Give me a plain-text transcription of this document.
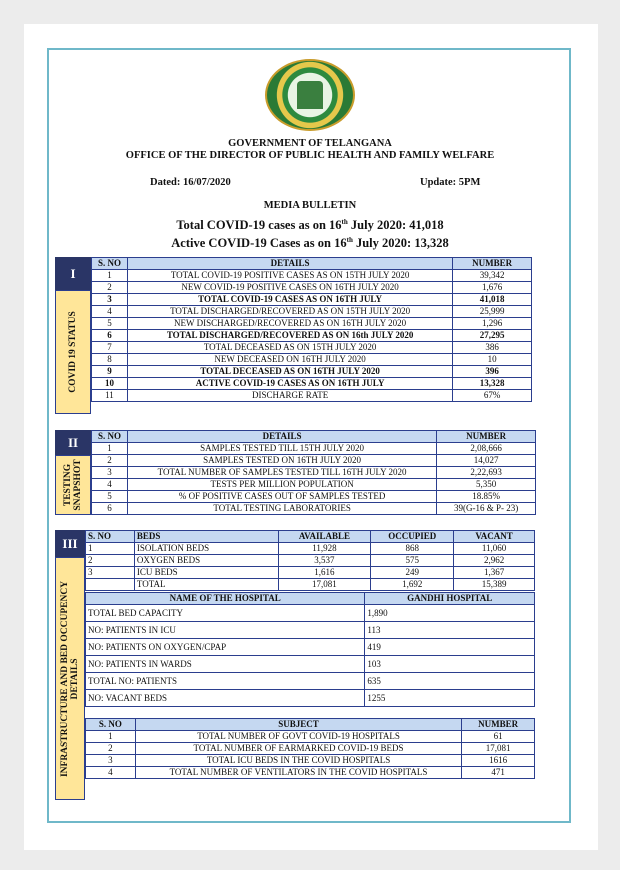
GOVERNMENT OF TELANGANA
OFFICE OF THE DIRECTOR OF PUBLIC HEALTH AND FAMILY WELFARE
Dated: 16/07/2020	Update: 5PM
MEDIA BULLETIN
Total COVID-19 cases as on 16th July 2020: 41,018
Active COVID-19 Cases as on 16th July 2020: 13,328
I
COVID 19 STATUS
S. NO	DETAILS	NUMBER
1	TOTAL COVID-19 POSITIVE CASES AS ON 15TH JULY 2020	39,342
2	NEW COVID-19 POSITIVE CASES ON 16TH JULY 2020	1,676
3	TOTAL COVID-19 CASES AS ON 16TH JULY	41,018
4	TOTAL DISCHARGED/RECOVERED AS ON 15TH JULY 2020	25,999
5	NEW DISCHARGED/RECOVERED AS ON 16TH JULY 2020	1,296
6	TOTAL DISCHARGED/RECOVERED AS ON 16th JULY 2020	27,295
7	TOTAL DECEASED AS ON 15TH JULY 2020	386
8	NEW DECEASED ON 16TH JULY 2020	10
9	TOTAL DECEASED AS ON 16TH JULY 2020	396
10	ACTIVE COVID-19 CASES AS ON 16TH JULY	13,328
11	DISCHARGE RATE	67%
II
TESTING SNAPSHOT
S. NO	DETAILS	NUMBER
1	SAMPLES TESTED TILL 15TH JULY 2020	2,08,666
2	SAMPLES TESTED ON 16TH JULY 2020	14,027
3	TOTAL NUMBER OF SAMPLES TESTED TILL 16TH JULY 2020	2,22,693
4	TESTS PER MILLION POPULATION	5,350
5	% OF POSITIVE CASES OUT OF SAMPLES TESTED	18.85%
6	TOTAL TESTING LABORATORIES	39(G-16 & P- 23)
III
INFRASTRUCTURE AND BED OCCUPENCY DETAILS
S. NO	BEDS	AVAILABLE	OCCUPIED	VACANT
1	ISOLATION BEDS	11,928	868	11,060
2	OXYGEN BEDS	3,537	575	2,962
3	ICU BEDS	1,616	249	1,367
	TOTAL	17,081	1,692	15,389
NAME OF THE HOSPITAL	GANDHI HOSPITAL
TOTAL BED CAPACITY	1,890
NO: PATIENTS IN ICU	113
NO: PATIENTS ON OXYGEN/CPAP	419
NO: PATIENTS IN WARDS	103
TOTAL NO: PATIENTS	635
NO: VACANT BEDS	1255
S. NO	SUBJECT	NUMBER
1	TOTAL NUMBER OF GOVT COVID-19 HOSPITALS	61
2	TOTAL NUMBER OF EARMARKED COVID-19 BEDS	17,081
3	TOTAL ICU BEDS IN THE COVID HOSPITALS	1616
4	TOTAL NUMBER OF VENTILATORS IN THE COVID HOSPITALS	471
